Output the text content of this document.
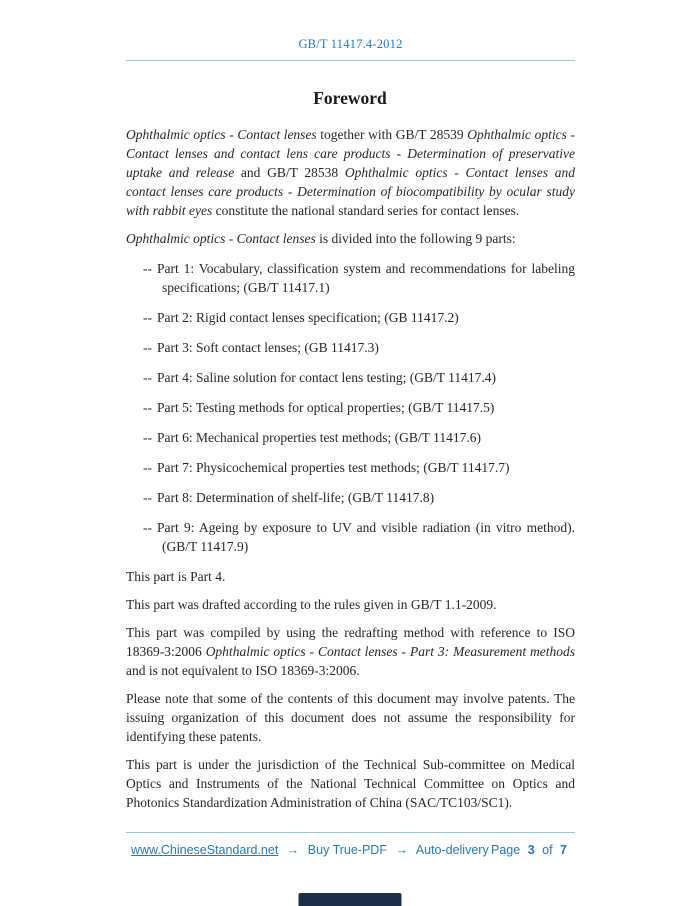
GB/T 11417.4-2012
Foreword

Ophthalmic optics - Contact lenses together with GB/T 28539 Ophthalmic optics - Contact lenses and contact lens care products - Determination of preservative uptake and release and GB/T 28538 Ophthalmic optics - Contact lenses and contact lenses care products - Determination of biocompatibility by ocular study with rabbit eyes constitute the national standard series for contact lenses.

Ophthalmic optics - Contact lenses is divided into the following 9 parts:

-- Part 1: Vocabulary, classification system and recommendations for labeling specifications; (GB/T 11417.1)
-- Part 2: Rigid contact lenses specification; (GB 11417.2)
-- Part 3: Soft contact lenses; (GB 11417.3)
-- Part 4: Saline solution for contact lens testing; (GB/T 11417.4)
-- Part 5: Testing methods for optical properties; (GB/T 11417.5)
-- Part 6: Mechanical properties test methods; (GB/T 11417.6)
-- Part 7: Physicochemical properties test methods; (GB/T 11417.7)
-- Part 8: Determination of shelf-life; (GB/T 11417.8)
-- Part 9: Ageing by exposure to UV and visible radiation (in vitro method). (GB/T 11417.9)

This part is Part 4.

This part was drafted according to the rules given in GB/T 1.1-2009.

This part was compiled by using the redrafting method with reference to ISO 18369-3:2006 Ophthalmic optics - Contact lenses - Part 3: Measurement methods and is not equivalent to ISO 18369-3:2006.

Please note that some of the contents of this document may involve patents. The issuing organization of this document does not assume the responsibility for identifying these patents.

This part is under the jurisdiction of the Technical Sub-committee on Medical Optics and Instruments of the National Technical Committee on Optics and Photonics Standardization Administration of China (SAC/TC103/SC1).

www.ChineseStandard.net → Buy True-PDF → Auto-delivery Page 3 of 7
